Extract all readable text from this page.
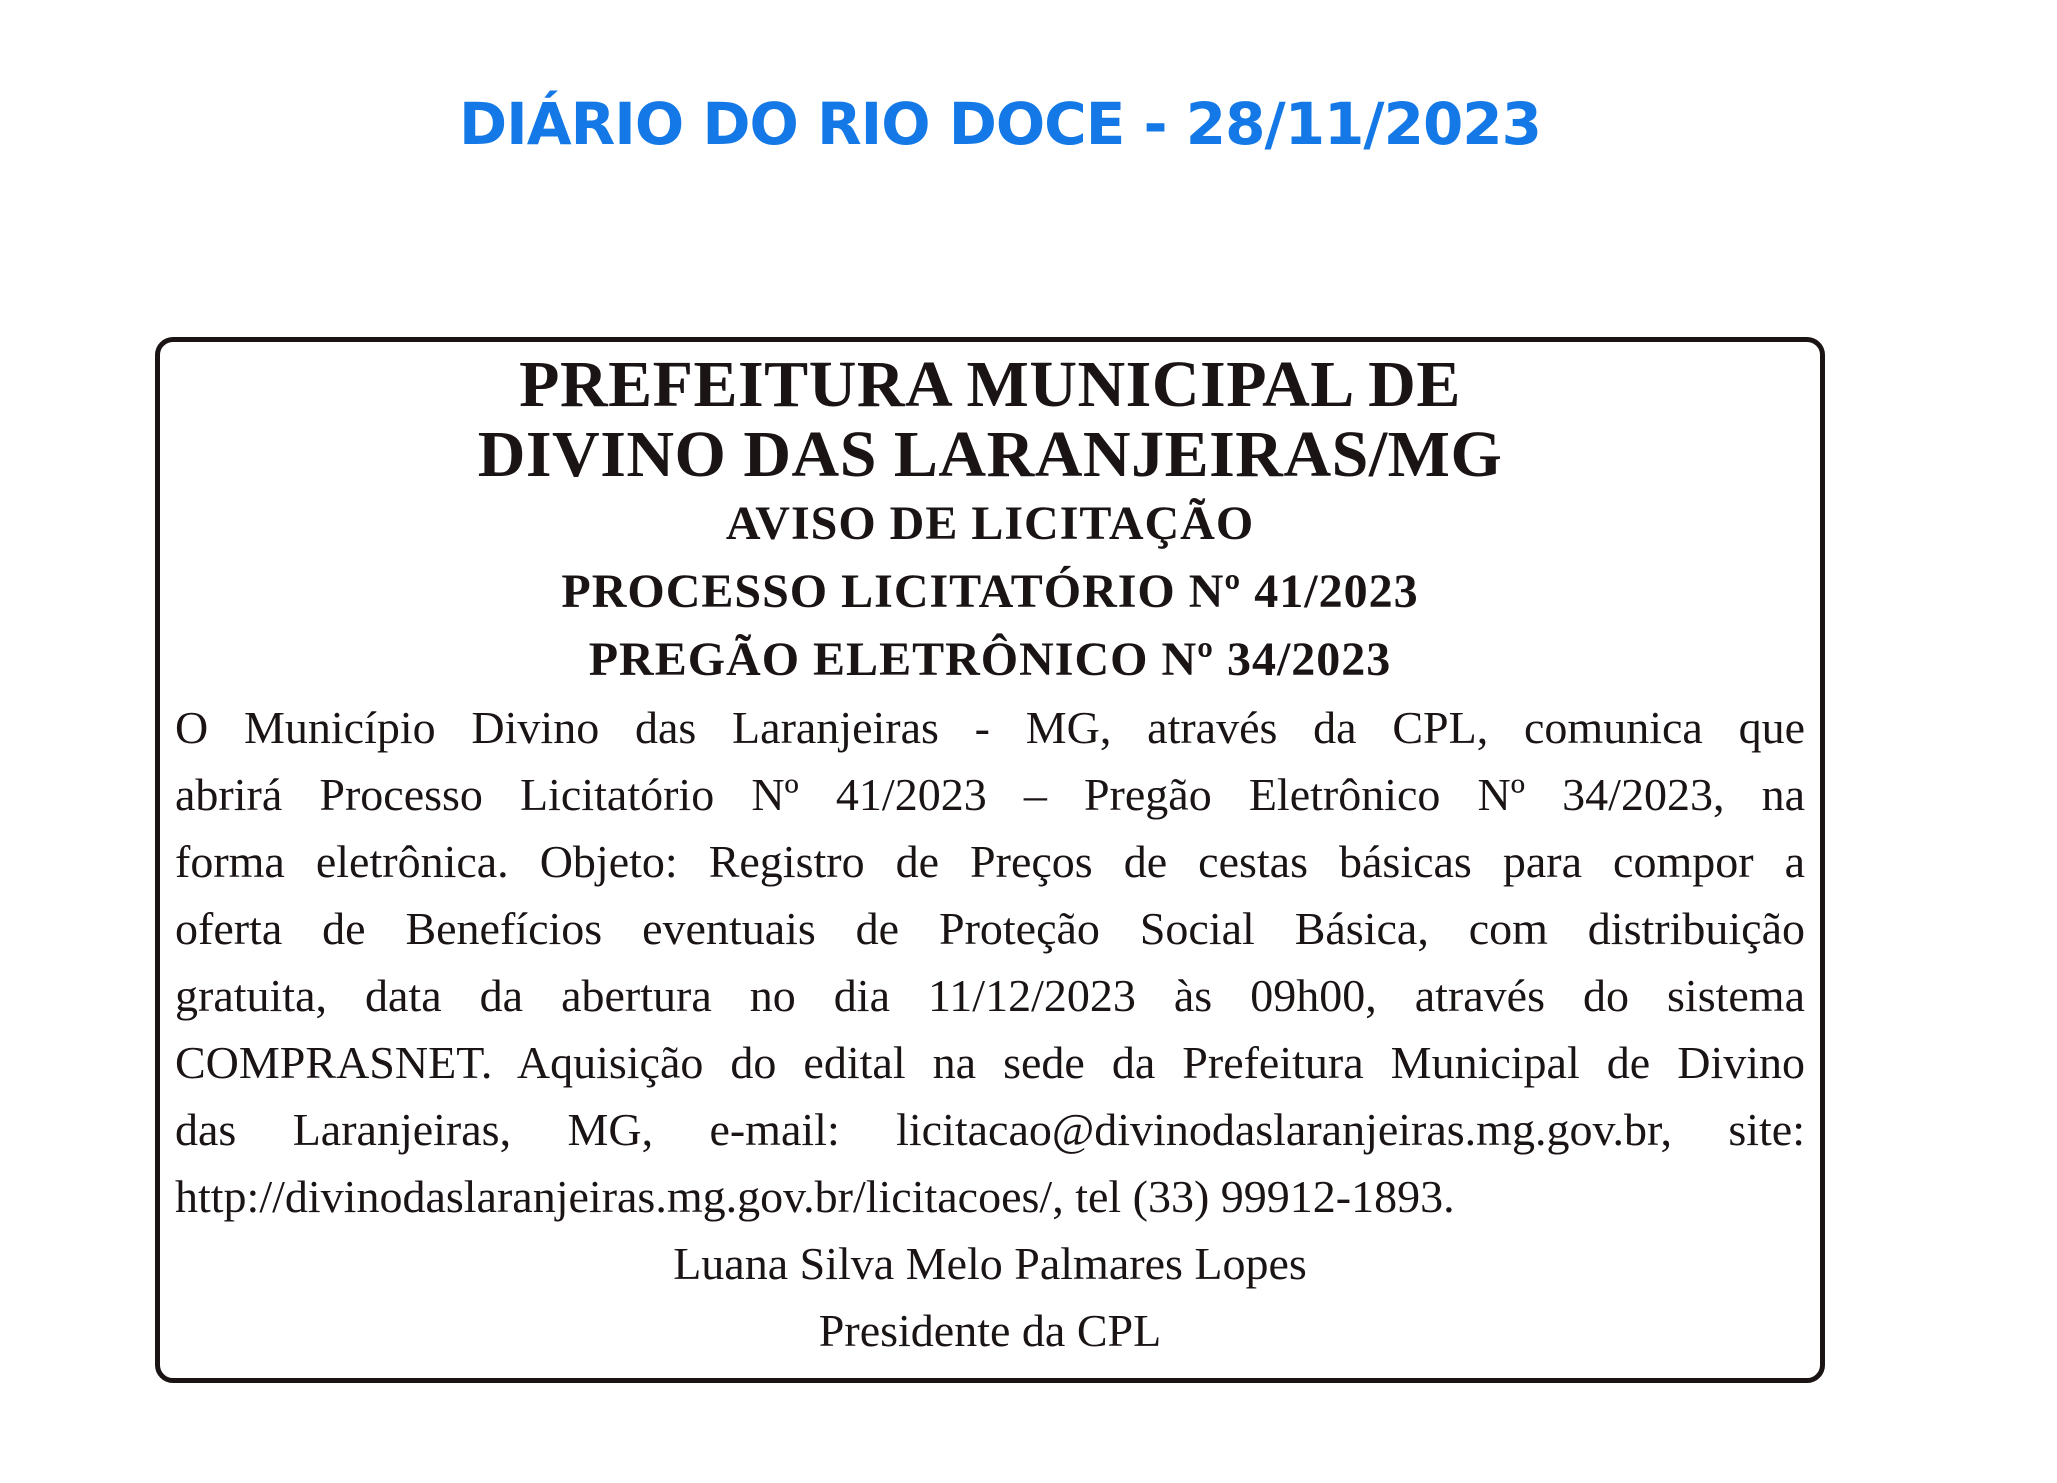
DIÁRIO DO RIO DOCE - 28/11/2023
PREFEITURA MUNICIPAL DE
DIVINO DAS LARANJEIRAS/MG
AVISO DE LICITAÇÃO
PROCESSO LICITATÓRIO Nº 41/2023
PREGÃO ELETRÔNICO Nº 34/2023
O Município Divino das Laranjeiras - MG, através da CPL, comunica que
abrirá Processo Licitatório Nº 41/2023 – Pregão Eletrônico Nº 34/2023, na
forma eletrônica. Objeto: Registro de Preços de cestas básicas para compor a
oferta de Benefícios eventuais de Proteção Social Básica, com distribuição
gratuita, data da abertura no dia 11/12/2023 às 09h00, através do sistema
COMPRASNET. Aquisição do edital na sede da Prefeitura Municipal de Divino
das Laranjeiras, MG, e-mail: licitacao@divinodaslaranjeiras.mg.gov.br, site:
http://divinodaslaranjeiras.mg.gov.br/licitacoes/, tel (33) 99912-1893.
Luana Silva Melo Palmares Lopes
Presidente da CPL
